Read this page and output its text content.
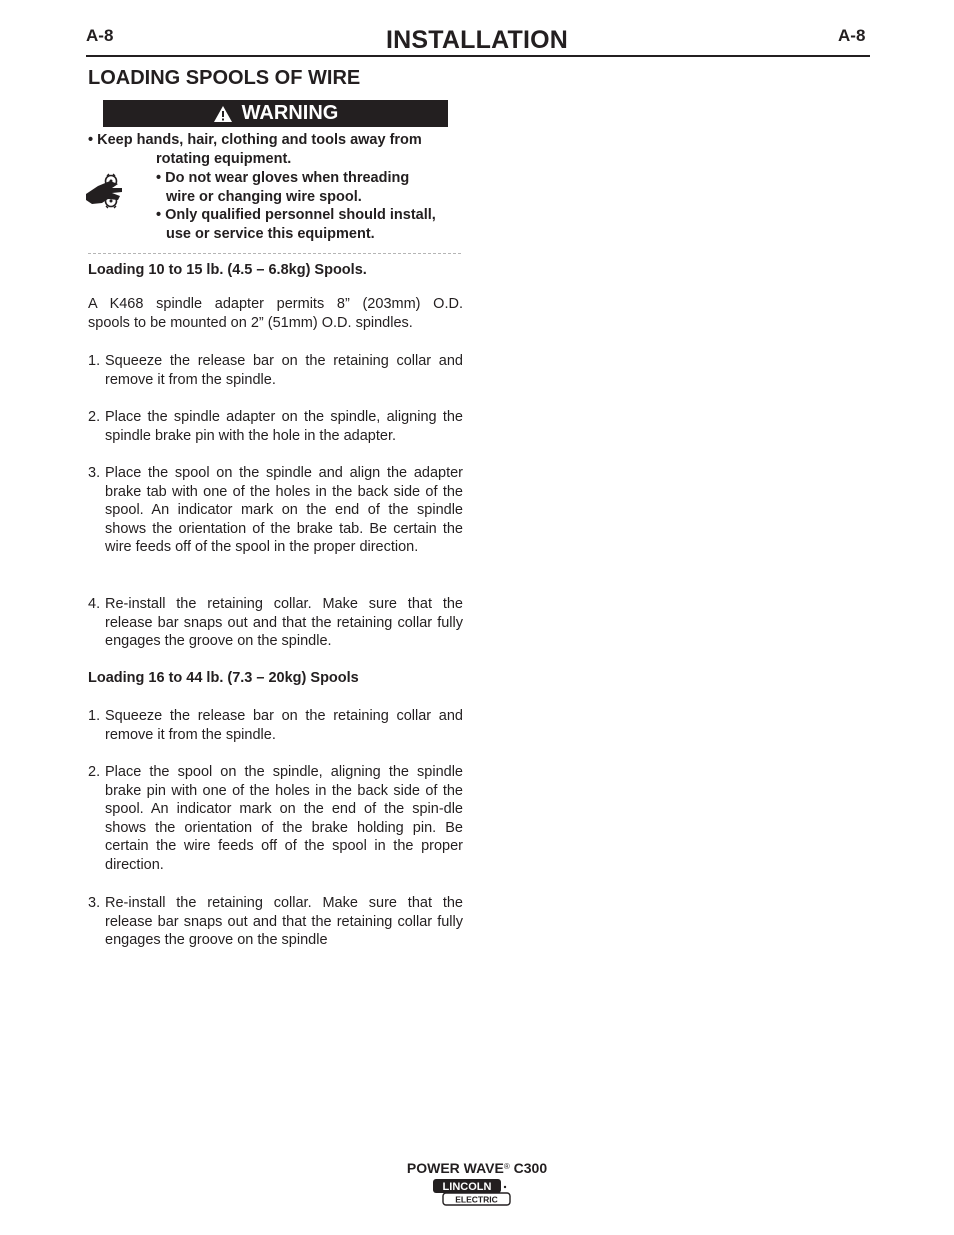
A-8	INSTALLATION	A-8
LOADING SPOOLS OF WIRE
WARNING
• Keep hands, hair, clothing and tools away from
rotating equipment.
• Do not wear gloves when threading
wire or changing wire spool.
• Only qualified personnel should install,
use or service this equipment.
Loading 10 to 15 lb. (4.5 – 6.8kg) Spools.
A K468 spindle adapter permits 8” (203mm) O.D.
spools to be mounted on 2” (51mm) O.D. spindles.
1. Squeeze the release bar on the retaining collar and remove it from the spindle.
2. Place the spindle adapter on the spindle, aligning the spindle brake pin with the hole in the adapter.
3. Place the spool on the spindle and align the adapter brake tab with one of the holes in the back side of the spool. An indicator mark on the end of the spindle shows the orientation of the brake tab. Be certain the wire feeds off of the spool in the proper direction.
4. Re-install the retaining collar. Make sure that the release bar snaps out and that the retaining collar fully engages the groove on the spindle.
Loading 16 to 44 lb. (7.3 – 20kg) Spools
1. Squeeze the release bar on the retaining collar and remove it from the spindle.
2. Place the spool on the spindle, aligning the spindle brake pin with one of the holes in the back side of the spool. An indicator mark on the end of the spin-dle shows the orientation of the brake holding pin. Be certain the wire feeds off of the spool in the proper direction.
3. Re-install the retaining collar. Make sure that the release bar snaps out and that the retaining collar fully engages the groove on the spindle
POWER WAVE® C300
LINCOLN
ELECTRIC
